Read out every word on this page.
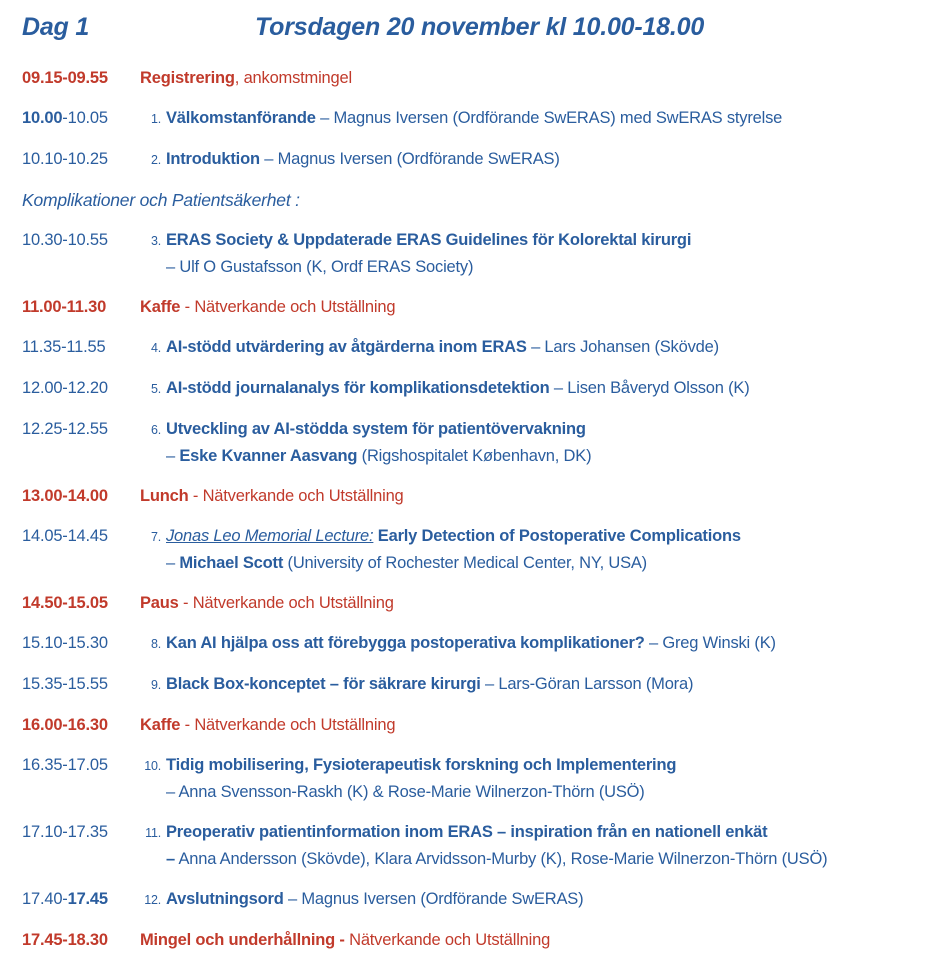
Dag 1	Torsdagen 20 november kl 10.00-18.00
09.15-09.55	Registrering, ankomstmingel
10.00-10.05	1. Välkomstanförande – Magnus Iversen (Ordförande SwERAS) med SwERAS styrelse
10.10-10.25	2. Introduktion – Magnus Iversen (Ordförande SwERAS)
Komplikationer och Patientsäkerhet :
10.30-10.55	3. ERAS Society & Uppdaterade ERAS Guidelines för Kolorektal kirurgi
– Ulf O Gustafsson (K, Ordf ERAS Society)
11.00-11.30	Kaffe - Nätverkande och Utställning
11.35-11.55	4. AI-stödd utvärdering av åtgärderna inom ERAS – Lars Johansen (Skövde)
12.00-12.20	5. AI-stödd journalanalys för komplikationsdetektion – Lisen Båveryd Olsson (K)
12.25-12.55	6. Utveckling av AI-stödda system för patientövervakning
– Eske Kvanner Aasvang (Rigshospitalet København, DK)
13.00-14.00	Lunch - Nätverkande och Utställning
14.05-14.45	7. Jonas Leo Memorial Lecture: Early Detection of Postoperative Complications
– Michael Scott (University of Rochester Medical Center, NY, USA)
14.50-15.05	Paus - Nätverkande och Utställning
15.10-15.30	8. Kan AI hjälpa oss att förebygga postoperativa komplikationer? – Greg Winski (K)
15.35-15.55	9. Black Box-konceptet – för säkrare kirurgi – Lars-Göran Larsson (Mora)
16.00-16.30	Kaffe - Nätverkande och Utställning
16.35-17.05	10. Tidig mobilisering, Fysioterapeutisk forskning och Implementering
– Anna Svensson-Raskh (K) & Rose-Marie Wilnerzon-Thörn (USÖ)
17.10-17.35	11. Preoperativ patientinformation inom ERAS – inspiration från en nationell enkät
– Anna Andersson (Skövde), Klara Arvidsson-Murby (K), Rose-Marie Wilnerzon-Thörn (USÖ)
17.40-17.45	12. Avslutningsord – Magnus Iversen (Ordförande SwERAS)
17.45-18.30	Mingel och underhållning - Nätverkande och Utställning
